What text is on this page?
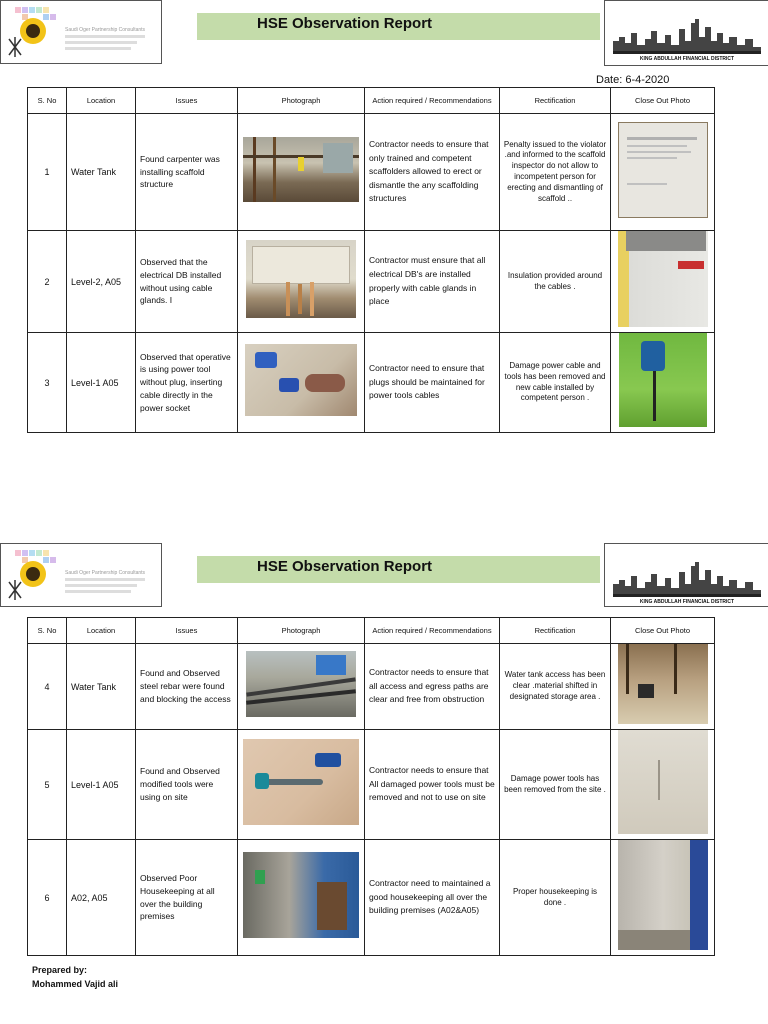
Saudi Oger Partnership Consultants	HSE Observation Report
KING ABDULLAH FINANCIAL DISTRICT
Date: 6-4-2020
S. No	Location	Issues	Photograph	Action required / Recommendations	Rectification	Close Out Photo
1	Water Tank	Found carpenter was installing scaffold structure		Contractor needs to ensure that only trained and competent scaffolders allowed to erect or dismantle the any scaffolding structures	Penalty issued to the violator .and informed to the scaffold inspector do not allow to incompetent person for erecting and dismantling of scaffold ..	

2	Level-2, A05	Observed that the electrical DB installed without using cable glands. I		Contractor must ensure that all electrical DB's are installed properly with cable glands in place	Insulation provided around the cables .	

3	Level-1 A05	Observed that operative is using power tool without plug, inserting cable directly in the power socket		Contractor need to ensure that plugs should be maintained for power tools cables	Damage power cable and tools has been removed and new cable installed by competent person .	
Saudi Oger Partnership Consultants	HSE Observation Report
KING ABDULLAH FINANCIAL DISTRICT
S. No	Location	Issues	Photograph	Action required / Recommendations	Rectification	Close Out Photo
4	Water Tank	Found and Observed steel rebar were found and blocking the access		Contractor needs to ensure that all access and egress paths are clear and free from obstruction	Water tank access has been clear .material shifted in designated storage area .	

5	Level-1 A05	Found and Observed modified tools were using on site		Contractor needs to ensure that All damaged power tools must be removed and not to use on site	Damage power tools has been removed from the site .	

6	A02, A05	Observed Poor Housekeeping at all over the building premises		Contractor need to maintained a good housekeeping all over the building premises (A02&A05)	Proper housekeeping is done .	
Prepared by:
Mohammed Vajid ali
